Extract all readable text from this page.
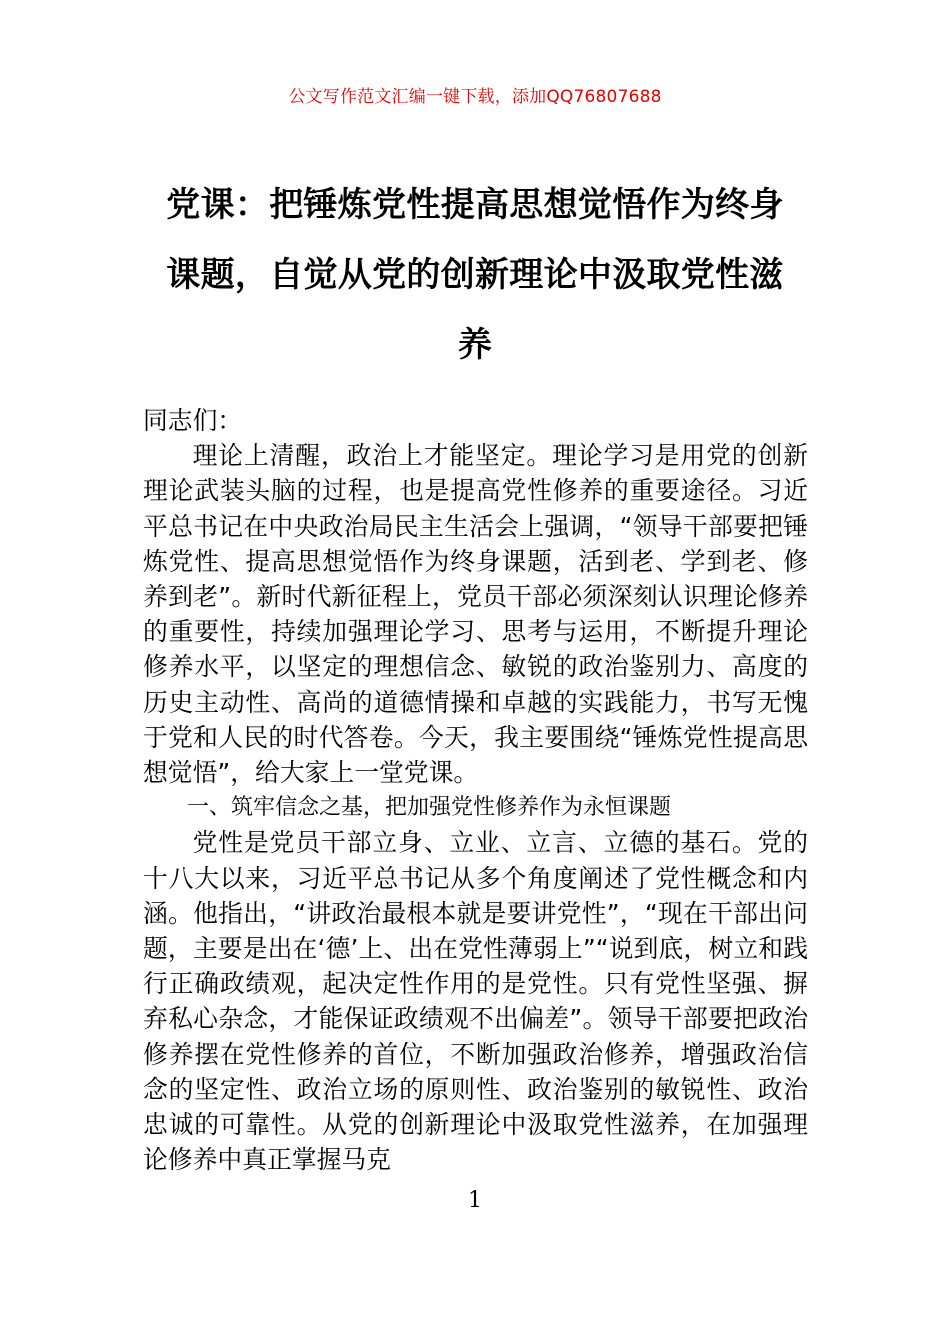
公文写作范文汇编一键下载，添加QQ76807688
党课：把锤炼党性提高思想觉悟作为终身课题，自觉从党的创新理论中汲取党性滋养

同志们：

理论上清醒，政治上才能坚定。理论学习是用党的创新理论武装头脑的过程，也是提高党性修养的重要途径。习近平总书记在中央政治局民主生活会上强调，“领导干部要把锤炼党性、提高思想觉悟作为终身课题，活到老、学到老、修养到老”。新时代新征程上，党员干部必须深刻认识理论修养的重要性，持续加强理论学习、思考与运用，不断提升理论修养水平，以坚定的理想信念、敏锐的政治鉴别力、高度的历史主动性、高尚的道德情操和卓越的实践能力，书写无愧于党和人民的时代答卷。今天，我主要围绕“锤炼党性提高思想觉悟”，给大家上一堂党课。

一、筑牢信念之基，把加强党性修养作为永恒课题

党性是党员干部立身、立业、立言、立德的基石。党的十八大以来，习近平总书记从多个角度阐述了党性概念和内涵。他指出，“讲政治最根本就是要讲党性”，“现在干部出问题，主要是出在‘德’上、出在党性薄弱上”“说到底，树立和践行正确政绩观，起决定性作用的是党性。只有党性坚强、摒弃私心杂念，才能保证政绩观不出偏差”。领导干部要把政治修养摆在党性修养的首位，不断加强政治修养，增强政治信念的坚定性、政治立场的原则性、政治鉴别的敏锐性、政治忠诚的可靠性。从党的创新理论中汲取党性滋养，在加强理论修养中真正掌握马克

1
